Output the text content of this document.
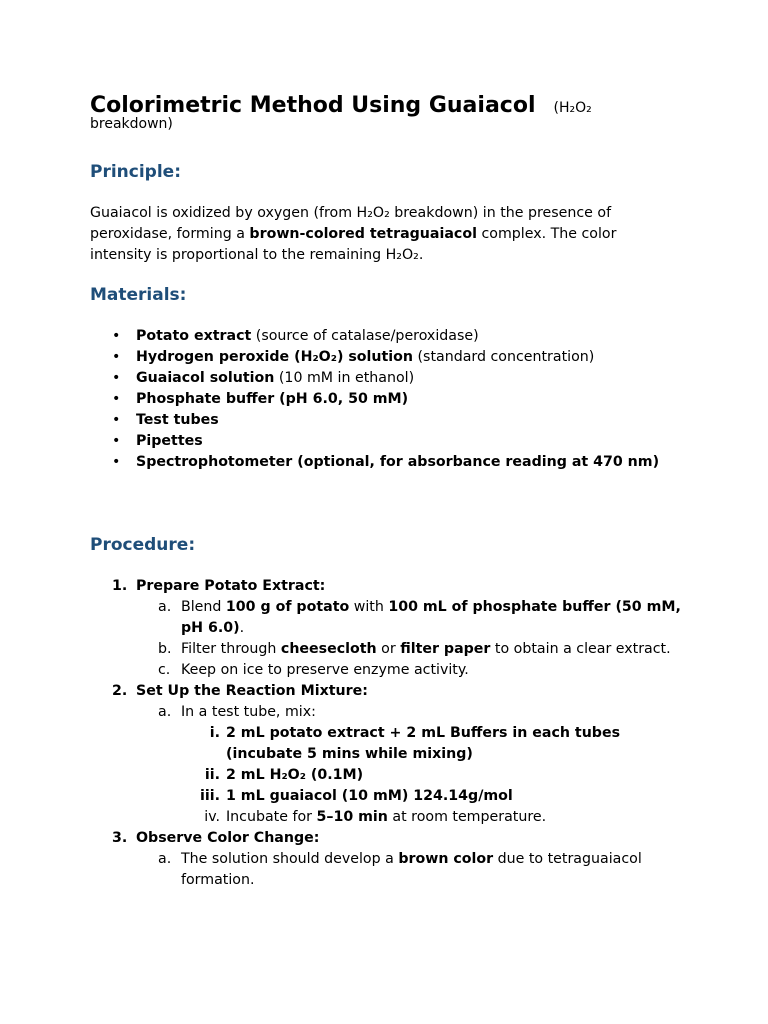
Colorimetric Method Using Guaiacol (H₂O₂
breakdown)
Principle:

Guaiacol is oxidized by oxygen (from H₂O₂ breakdown) in the presence of peroxidase, forming a brown-colored tetraguaiacol complex. The color intensity is proportional to the remaining H₂O₂.

Materials:
• Potato extract (source of catalase/peroxidase)
• Hydrogen peroxide (H₂O₂) solution (standard concentration)
• Guaiacol solution (10 mM in ethanol)
• Phosphate buffer (pH 6.0, 50 mM)
• Test tubes
• Pipettes
• Spectrophotometer (optional, for absorbance reading at 470 nm)
Procedure:
1. Prepare Potato Extract:
a. Blend 100 g of potato with 100 mL of phosphate buffer (50 mM, pH 6.0).
b. Filter through cheesecloth or filter paper to obtain a clear extract.
c. Keep on ice to preserve enzyme activity.
2. Set Up the Reaction Mixture:
a. In a test tube, mix:
i. 2 mL potato extract + 2 mL Buffers in each tubes (incubate 5 mins while mixing)
ii. 2 mL H₂O₂ (0.1M)
iii. 1 mL guaiacol (10 mM) 124.14g/mol
iv. Incubate for 5–10 min at room temperature.
3. Observe Color Change:
a. The solution should develop a brown color due to tetraguaiacol formation.
